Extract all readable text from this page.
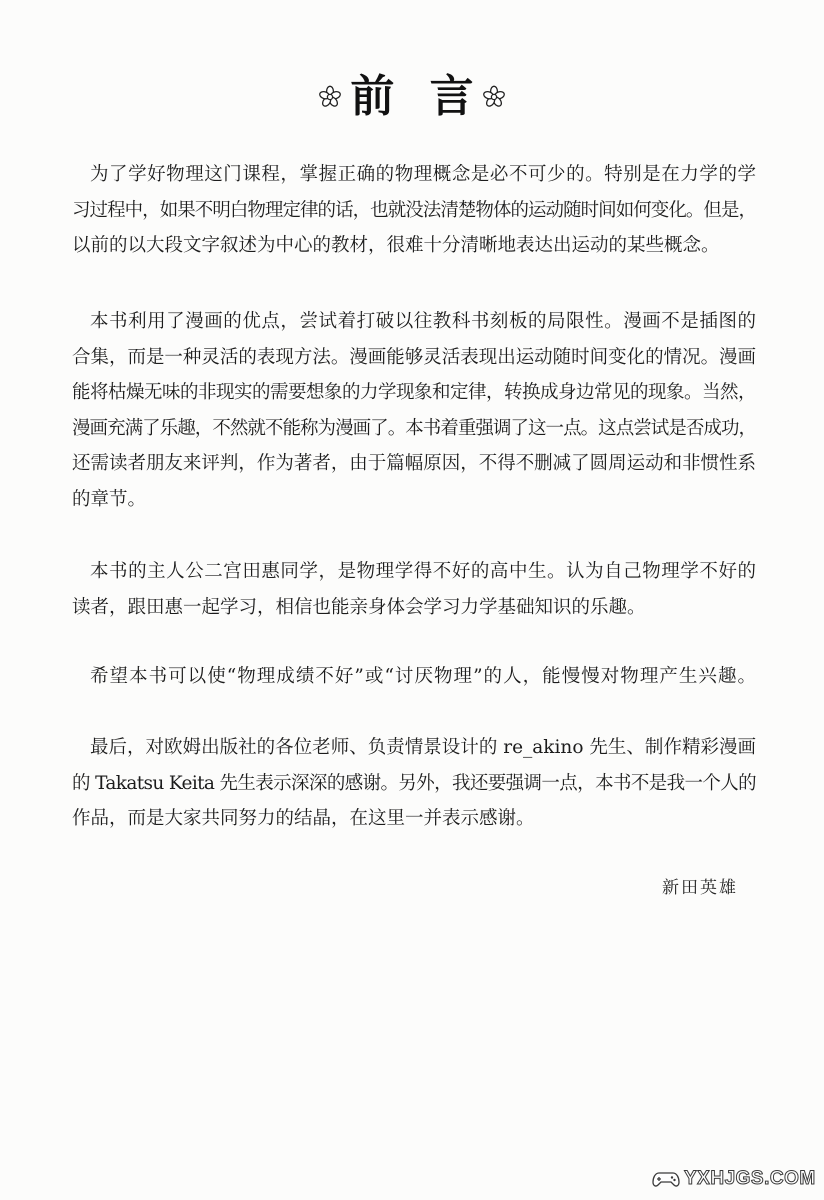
前 言
为了学好物理这门课程，掌握正确的物理概念是必不可少的。特别是在力学的学
习过程中，如果不明白物理定律的话，也就没法清楚物体的运动随时间如何变化。但是，
以前的以大段文字叙述为中心的教材，很难十分清晰地表达出运动的某些概念。
本书利用了漫画的优点，尝试着打破以往教科书刻板的局限性。漫画不是插图的
合集，而是一种灵活的表现方法。漫画能够灵活表现出运动随时间变化的情况。漫画
能将枯燥无味的非现实的需要想象的力学现象和定律，转换成身边常见的现象。当然，
漫画充满了乐趣，不然就不能称为漫画了。本书着重强调了这一点。这点尝试是否成功，
还需读者朋友来评判，作为著者，由于篇幅原因，不得不删减了圆周运动和非惯性系
的章节。
本书的主人公二宫田惠同学，是物理学得不好的高中生。认为自己物理学不好的
读者，跟田惠一起学习，相信也能亲身体会学习力学基础知识的乐趣。
希望本书可以使“物理成绩不好”或“讨厌物理”的人，能慢慢对物理产生兴趣。
最后，对欧姆出版社的各位老师、负责情景设计的 re_akino 先生、制作精彩漫画
的 Takatsu Keita 先生表示深深的感谢。另外，我还要强调一点，本书不是我一个人的
作品，而是大家共同努力的结晶，在这里一并表示感谢。
新田英雄
YXHJGS.COM
